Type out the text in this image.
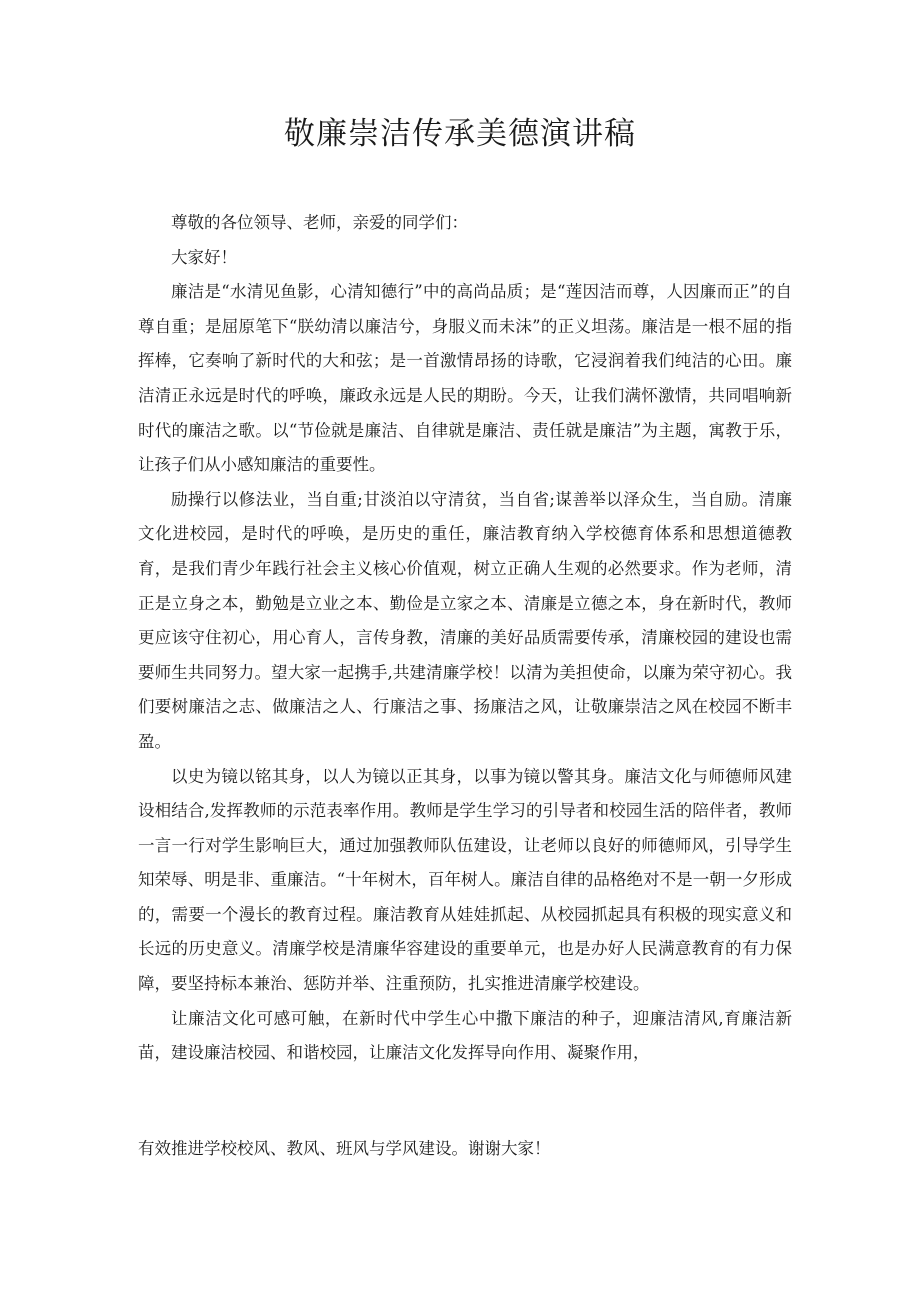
敬廉崇洁传承美德演讲稿

尊敬的各位领导、老师，亲爱的同学们：

大家好！

廉洁是“水清见鱼影，心清知德行”中的高尚品质；是“莲因洁而尊，人因廉而正”的自尊自重；是屈原笔下“朕幼清以廉洁兮，身服义而未沫”的正义坦荡。廉洁是一根不屈的指挥棒，它奏响了新时代的大和弦；是一首激情昂扬的诗歌，它浸润着我们纯洁的心田。廉洁清正永远是时代的呼唤，廉政永远是人民的期盼。今天，让我们满怀激情，共同唱响新时代的廉洁之歌。以“节俭就是廉洁、自律就是廉洁、责任就是廉洁”为主题，寓教于乐，让孩子们从小感知廉洁的重要性。

励操行以修法业，当自重;甘淡泊以守清贫，当自省;谋善举以泽众生，当自励。清廉文化进校园，是时代的呼唤，是历史的重任，廉洁教育纳入学校德育体系和思想道德教育，是我们青少年践行社会主义核心价值观，树立正确人生观的必然要求。作为老师，清正是立身之本，勤勉是立业之本、勤俭是立家之本、清廉是立德之本，身在新时代，教师更应该守住初心，用心育人，言传身教，清廉的美好品质需要传承，清廉校园的建设也需要师生共同努力。望大家一起携手,共建清廉学校！以清为美担使命，以廉为荣守初心。我们要树廉洁之志、做廉洁之人、行廉洁之事、扬廉洁之风，让敬廉崇洁之风在校园不断丰盈。

以史为镜以铭其身，以人为镜以正其身，以事为镜以警其身。廉洁文化与师德师风建设相结合,发挥教师的示范表率作用。教师是学生学习的引导者和校园生活的陪伴者，教师一言一行对学生影响巨大，通过加强教师队伍建设，让老师以良好的师德师风，引导学生知荣辱、明是非、重廉洁。“十年树木，百年树人。廉洁自律的品格绝对不是一朝一夕形成的，需要一个漫长的教育过程。廉洁教育从娃娃抓起、从校园抓起具有积极的现实意义和长远的历史意义。清廉学校是清廉华容建设的重要单元，也是办好人民满意教育的有力保障，要坚持标本兼治、惩防并举、注重预防，扎实推进清廉学校建设。

让廉洁文化可感可触，在新时代中学生心中撒下廉洁的种子，迎廉洁清风,育廉洁新苗，建设廉洁校园、和谐校园，让廉洁文化发挥导向作用、凝聚作用，

有效推进学校校风、教风、班风与学风建设。谢谢大家！
